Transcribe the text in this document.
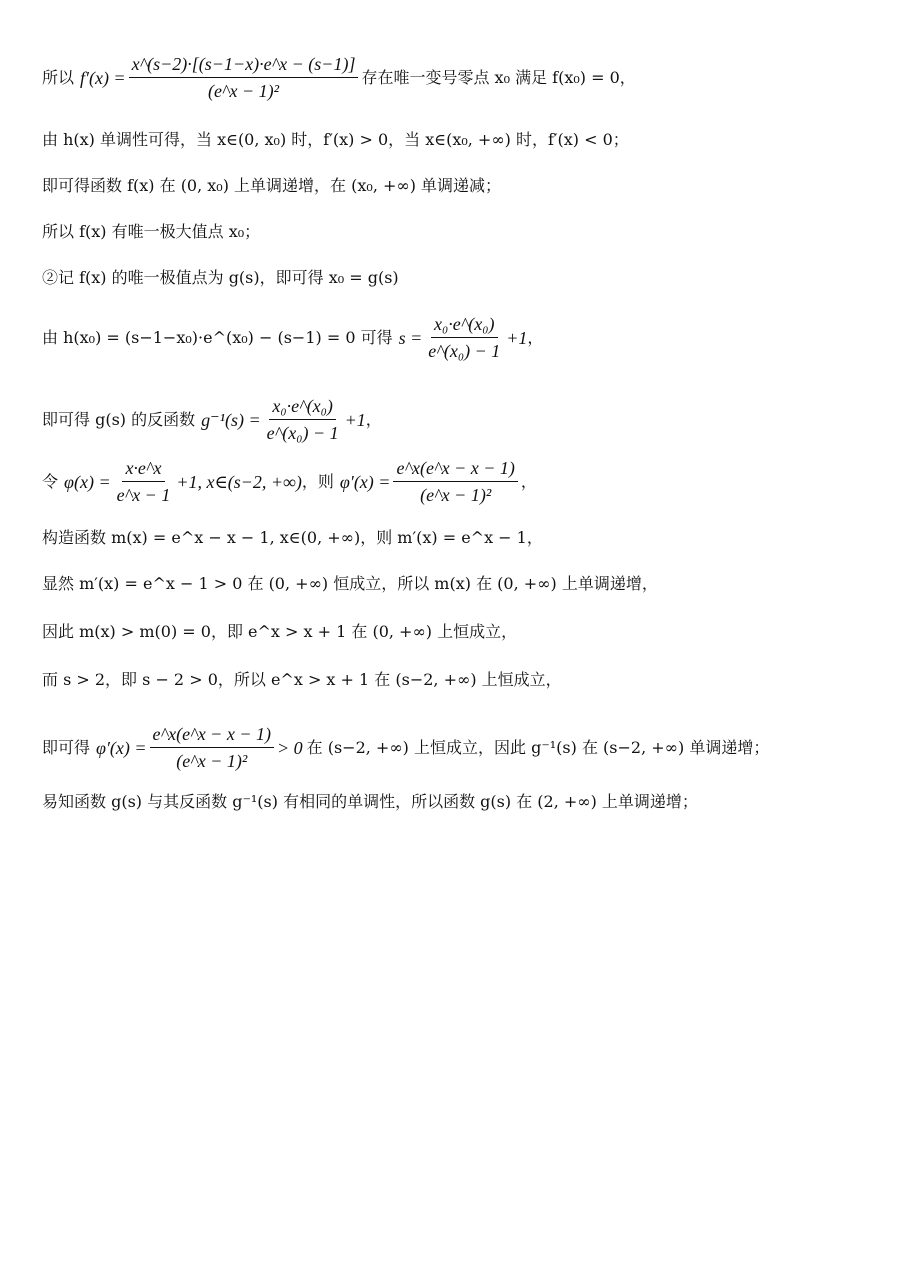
所以 $f'(x) = \frac{x\^{}(s-2)\cdot[(s-1-x)\cdot e\^{}x - (s-1)]}{\text{(e\textasciicircum{}x − 1)²}}$ 存在唯一变号零点 x₀ 满足 f(x₀) = 0，
由 h(x) 单调性可得，当 x∈(0, x₀) 时，f′(x) > 0，当 x∈(x₀, +∞) 时，f′(x) < 0；
即可得函数 f(x) 在 (0, x₀) 上单调递增，在 (x₀, +∞) 单调递减；
所以 f(x) 有唯一极大值点 x₀；
②记 f(x) 的唯一极值点为 g(s)，即可得 x₀ = g(s)
由 h(x₀) = (s−1−x₀)·e^(x₀) − (s−1) = 0 可得 $s = \frac{\text{x₀·e\textasciicircum{}(x₀)}}{\text{e\textasciicircum{}(x₀) − 1}} +1$ ，
即可得 g(s) 的反函数 $g^{-1}(s) = \frac{\text{x₀·e\textasciicircum{}(x₀)}}{\text{e\textasciicircum{}(x₀) − 1}} +1$ ，
令 $\varphi(x) = \frac{x\cdot e\^{}x}{e\^{}x - 1} +1$, x∈(s−2, +∞) ，则 $\varphi'(x) = \frac{e\^{}x(e\^{}x - x - 1)}{\text{(e\textasciicircum{}x − 1)²}}$ ，
构造函数 m(x) = e^x − x − 1, x∈(0, +∞)，则 m′(x) = e^x − 1，
显然 m′(x) = e^x − 1 > 0 在 (0, +∞) 恒成立，所以 m(x) 在 (0, +∞) 上单调递增，
因此 m(x) > m(0) = 0，即 e^x > x + 1 在 (0, +∞) 上恒成立，
而 s > 2，即 s − 2 > 0，所以 e^x > x + 1 在 (s−2, +∞) 上恒成立，
即可得 $\varphi'(x) = \frac{e\^{}x(e\^{}x - x - 1)}{\text{(e\textasciicircum{}x − 1)²}} > 0$ 在 (s−2, +∞) 上恒成立，因此 g⁻¹(s) 在 (s−2, +∞) 单调递增；
易知函数 g(s) 与其反函数 g⁻¹(s) 有相同的单调性，所以函数 g(s) 在 (2, +∞) 上单调递增；
